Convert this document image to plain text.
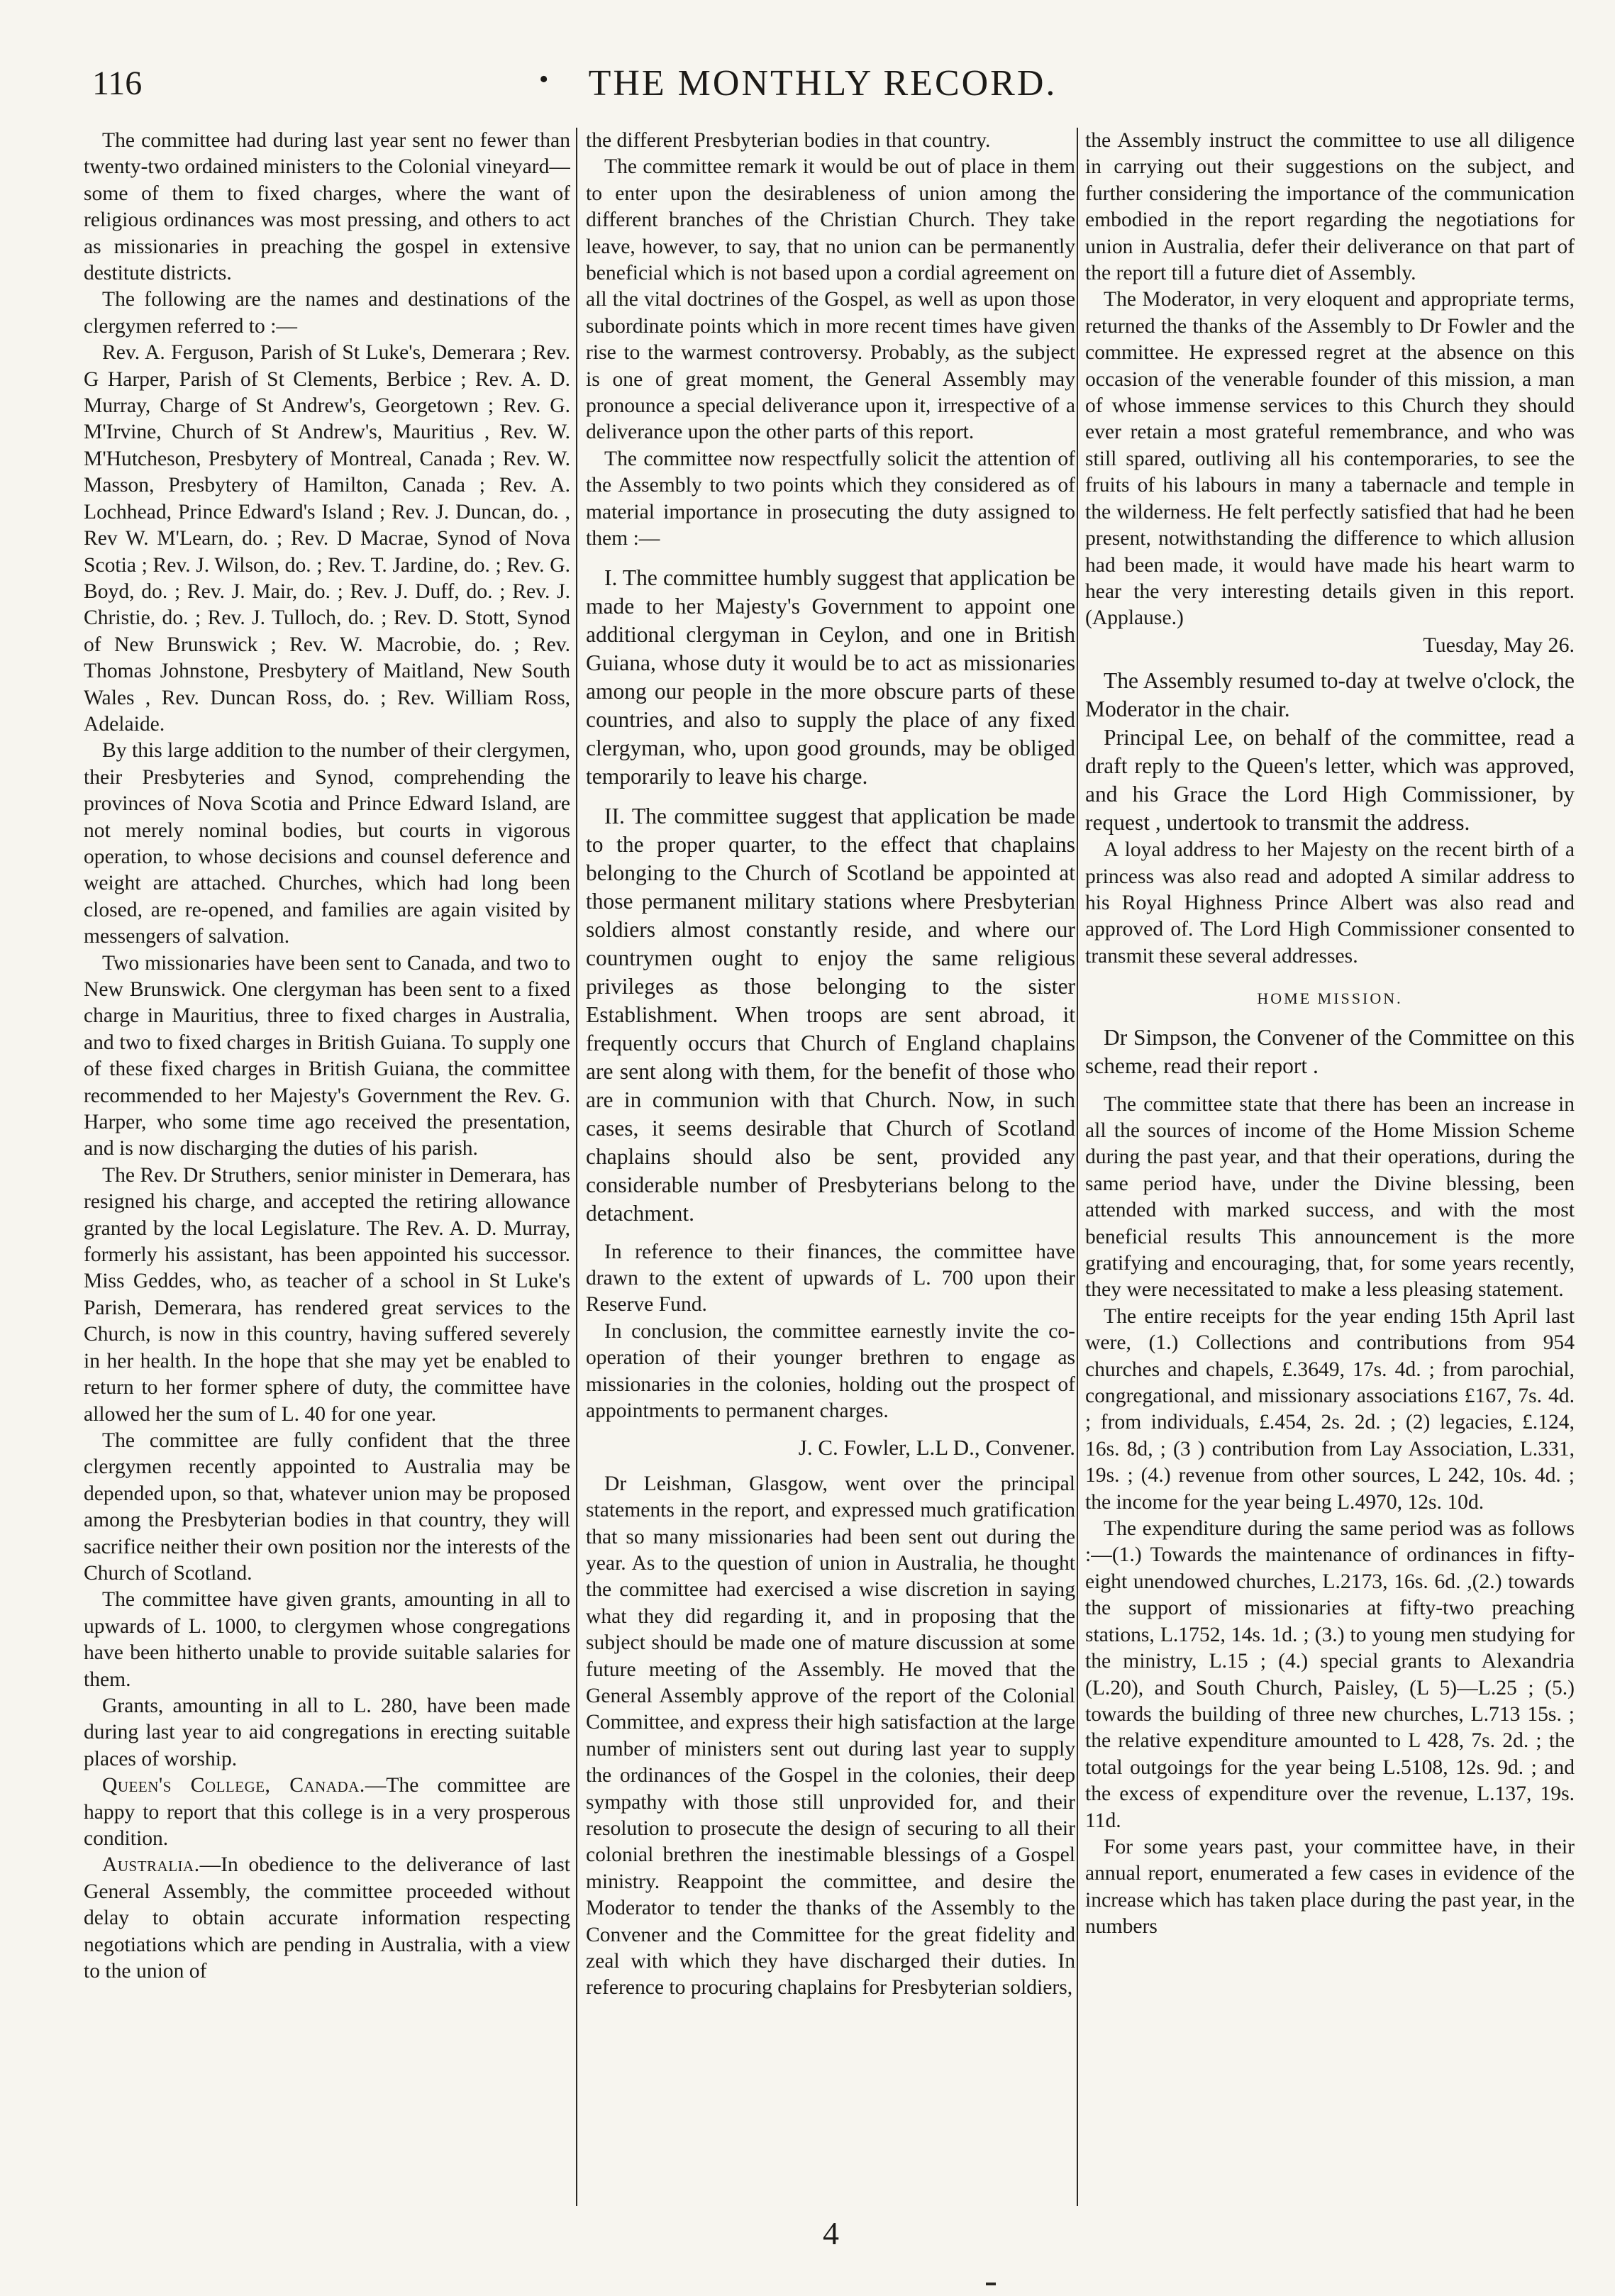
116	•	THE MONTHLY RECORD.

The committee had during last year sent no fewer than twenty-two ordained ministers to the Colonial vineyard—some of them to fixed charges, where the want of religious ordinances was most pressing, and others to act as missionaries in preaching the gospel in extensive destitute districts.

The following are the names and destinations of the clergymen referred to :—

Rev. A. Ferguson, Parish of St Luke's, Demerara ; Rev. G Harper, Parish of St Clements, Berbice ; Rev. A. D. Murray, Charge of St Andrew's, Georgetown ; Rev. G. M'Irvine, Church of St Andrew's, Mauritius , Rev. W. M'Hutcheson, Presbytery of Montreal, Canada ; Rev. W. Masson, Presbytery of Hamilton, Canada ; Rev. A. Lochhead, Prince Edward's Island ; Rev. J. Duncan, do. , Rev W. M'Learn, do. ; Rev. D Macrae, Synod of Nova Scotia ; Rev. J. Wilson, do. ; Rev. T. Jardine, do. ; Rev. G. Boyd, do. ; Rev. J. Mair, do. ; Rev. J. Duff, do. ; Rev. J. Christie, do. ; Rev. J. Tulloch, do. ; Rev. D. Stott, Synod of New Brunswick ; Rev. W. Macrobie, do. ; Rev. Thomas Johnstone, Presbytery of Maitland, New South Wales , Rev. Duncan Ross, do. ; Rev. William Ross, Adelaide.

By this large addition to the number of their clergymen, their Presbyteries and Synod, comprehending the provinces of Nova Scotia and Prince Edward Island, are not merely nominal bodies, but courts in vigorous operation, to whose decisions and counsel deference and weight are attached. Churches, which had long been closed, are re-opened, and families are again visited by messengers of salvation.

Two missionaries have been sent to Canada, and two to New Brunswick. One clergyman has been sent to a fixed charge in Mauritius, three to fixed charges in Australia, and two to fixed charges in British Guiana. To supply one of these fixed charges in British Guiana, the committee recommended to her Majesty's Government the Rev. G. Harper, who some time ago received the presentation, and is now discharging the duties of his parish.

The Rev. Dr Struthers, senior minister in Demerara, has resigned his charge, and accepted the retiring allowance granted by the local Legislature. The Rev. A. D. Murray, formerly his assistant, has been appointed his successor. Miss Geddes, who, as teacher of a school in St Luke's Parish, Demerara, has rendered great services to the Church, is now in this country, having suffered severely in her health. In the hope that she may yet be enabled to return to her former sphere of duty, the committee have allowed her the sum of L. 40 for one year.

The committee are fully confident that the three clergymen recently appointed to Australia may be depended upon, so that, whatever union may be proposed among the Presbyterian bodies in that country, they will sacrifice neither their own position nor the interests of the Church of Scotland.

The committee have given grants, amounting in all to upwards of L. 1000, to clergymen whose congregations have been hitherto unable to provide suitable salaries for them.

Grants, amounting in all to L. 280, have been made during last year to aid congregations in erecting suitable places of worship.

Queen's College, Canada.—The committee are happy to report that this college is in a very prosperous condition.

Australia.—In obedience to the deliverance of last General Assembly, the committee proceeded without delay to obtain accurate information respecting negotiations which are pending in Australia, with a view to the union of

the different Presbyterian bodies in that country.

The committee remark it would be out of place in them to enter upon the desirableness of union among the different branches of the Christian Church. They take leave, however, to say, that no union can be permanently beneficial which is not based upon a cordial agreement on all the vital doctrines of the Gospel, as well as upon those subordinate points which in more recent times have given rise to the warmest controversy. Probably, as the subject is one of great moment, the General Assembly may pronounce a special deliverance upon it, irrespective of a deliverance upon the other parts of this report.

The committee now respectfully solicit the attention of the Assembly to two points which they considered as of material importance in prosecuting the duty assigned to them :—

I. The committee humbly suggest that application be made to her Majesty's Government to appoint one additional clergyman in Ceylon, and one in British Guiana, whose duty it would be to act as missionaries among our people in the more obscure parts of these countries, and also to supply the place of any fixed clergyman, who, upon good grounds, may be obliged temporarily to leave his charge.

II. The committee suggest that application be made to the proper quarter, to the effect that chaplains belonging to the Church of Scotland be appointed at those permanent military stations where Presbyterian soldiers almost constantly reside, and where our countrymen ought to enjoy the same religious privileges as those belonging to the sister Establishment. When troops are sent abroad, it frequently occurs that Church of England chaplains are sent along with them, for the benefit of those who are in communion with that Church. Now, in such cases, it seems desirable that Church of Scotland chaplains should also be sent, provided any considerable number of Presbyterians belong to the detachment.

In reference to their finances, the committee have drawn to the extent of upwards of L. 700 upon their Reserve Fund.

In conclusion, the committee earnestly invite the co-operation of their younger brethren to engage as missionaries in the colonies, holding out the prospect of appointments to permanent charges.

J. C. Fowler, L.L D., Convener.

Dr Leishman, Glasgow, went over the principal statements in the report, and expressed much gratification that so many missionaries had been sent out during the year. As to the question of union in Australia, he thought the committee had exercised a wise discretion in saying what they did regarding it, and in proposing that the subject should be made one of mature discussion at some future meeting of the Assembly. He moved that the General Assembly approve of the report of the Colonial Committee, and express their high satisfaction at the large number of ministers sent out during last year to supply the ordinances of the Gospel in the colonies, their deep sympathy with those still unprovided for, and their resolution to prosecute the design of securing to all their colonial brethren the inestimable blessings of a Gospel ministry. Reappoint the committee, and desire the Moderator to tender the thanks of the Assembly to the Convener and the Committee for the great fidelity and zeal with which they have discharged their duties. In reference to procuring chaplains for Presbyterian soldiers,

the Assembly instruct the committee to use all diligence in carrying out their suggestions on the subject, and further considering the importance of the communication embodied in the report regarding the negotiations for union in Australia, defer their deliverance on that part of the report till a future diet of Assembly.

The Moderator, in very eloquent and appropriate terms, returned the thanks of the Assembly to Dr Fowler and the committee. He expressed regret at the absence on this occasion of the venerable founder of this mission, a man of whose immense services to this Church they should ever retain a most grateful remembrance, and who was still spared, outliving all his contemporaries, to see the fruits of his labours in many a tabernacle and temple in the wilderness. He felt perfectly satisfied that had he been present, notwithstanding the difference to which allusion had been made, it would have made his heart warm to hear the very interesting details given in this report. (Applause.)

Tuesday, May 26.

The Assembly resumed to-day at twelve o'clock, the Moderator in the chair.

Principal Lee, on behalf of the committee, read a draft reply to the Queen's letter, which was approved, and his Grace the Lord High Commissioner, by request , undertook to transmit the address.

A loyal address to her Majesty on the recent birth of a princess was also read and adopted A similar address to his Royal Highness Prince Albert was also read and approved of. The Lord High Commissioner consented to transmit these several addresses.

HOME MISSION.

Dr Simpson, the Convener of the Committee on this scheme, read their report .

The committee state that there has been an increase in all the sources of income of the Home Mission Scheme during the past year, and that their operations, during the same period have, under the Divine blessing, been attended with marked success, and with the most beneficial results This announcement is the more gratifying and encouraging, that, for some years recently, they were necessitated to make a less pleasing statement.

The entire receipts for the year ending 15th April last were, (1.) Collections and contributions from 954 churches and chapels, £.3649, 17s. 4d. ; from parochial, congregational, and missionary associations £167, 7s. 4d. ; from individuals, £.454, 2s. 2d. ; (2) legacies, £.124, 16s. 8d, ; (3 ) contribution from Lay Association, L.331, 19s. ; (4.) revenue from other sources, L 242, 10s. 4d. ; the income for the year being L.4970, 12s. 10d.

The expenditure during the same period was as follows :—(1.) Towards the maintenance of ordinances in fifty-eight unendowed churches, L.2173, 16s. 6d. ,(2.) towards the support of missionaries at fifty-two preaching stations, L.1752, 14s. 1d. ; (3.) to young men studying for the ministry, L.15 ; (4.) special grants to Alexandria (L.20), and South Church, Paisley, (L 5)—L.25 ; (5.) towards the building of three new churches, L.713 15s. ; the relative expenditure amounted to L 428, 7s. 2d. ; the total outgoings for the year being L.5108, 12s. 9d. ; and the excess of expenditure over the revenue, L.137, 19s. 11d.

For some years past, your committee have, in their annual report, enumerated a few cases in evidence of the increase which has taken place during the past year, in the numbers

4
